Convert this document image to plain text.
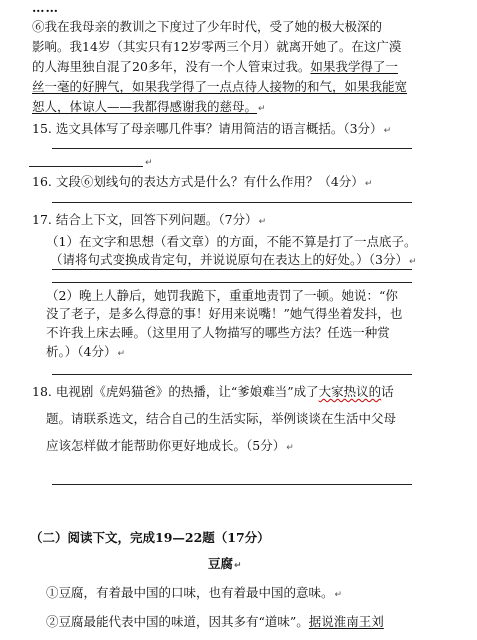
……
⑥我在我母亲的教训之下度过了少年时代，受了她的极大极深的
影响。我14岁（其实只有12岁零两三个月）就离开她了。在这广漠
的人海里独自混了20多年，没有一个人管束过我。如果我学得了一
丝一毫的好脾气，如果我学得了一点点待人接物的和气，如果我能宽
恕人，体谅人——我都得感谢我的慈母。↵
15. 选文具体写了母亲哪几件事？请用简洁的语言概括。（3分）↵
↵
16. 文段⑥划线句的表达方式是什么？有什么作用？（4分）↵
17. 结合上下文，回答下列问题。（7分）↵
（1）在文字和思想（看文章）的方面，不能不算是打了一点底子。
（请将句式变换成肯定句，并说说原句在表达上的好处。）（3分）↵
（2）晚上人静后，她罚我跪下，重重地责罚了一顿。她说：“你
没了老子，是多么得意的事！好用来说嘴！”她气得坐着发抖，也
不许我上床去睡。（这里用了人物描写的哪些方法？任选一种赏
析。）（4分）↵
18. 电视剧《虎妈猫爸》的热播，让“爹娘难当”成了大家热议的话
题。请联系选文，结合自己的生活实际，举例谈谈在生活中父母
应该怎样做才能帮助你更好地成长。（5分）↵
（二）阅读下文，完成19—22题（17分）
豆腐↵
①豆腐，有着最中国的口味，也有着最中国的意味。↵
②豆腐最能代表中国的味道，因其多有“道味”。据说淮南王刘
